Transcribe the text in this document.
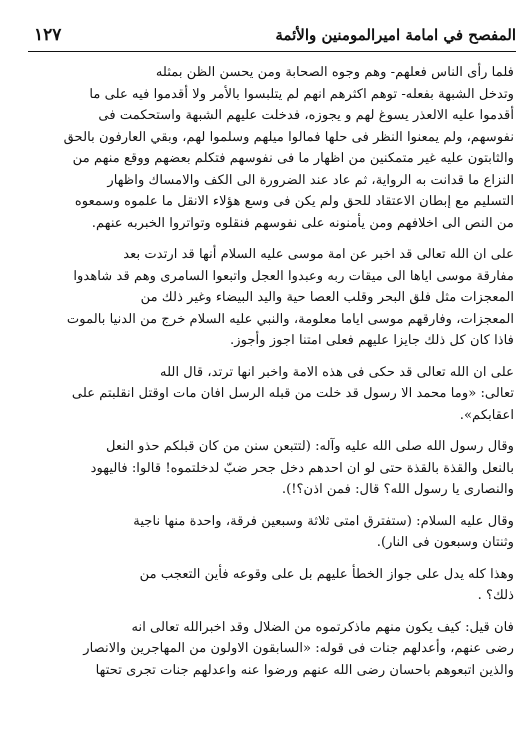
المفصح في امامة اميرالمومنين والأئمة
١٢٧
فلما رأى الناس فعلهم- وهم وجوه الصحابة ومن يحسن الظن بمثله
وتدخل الشبهة بفعله- توهم اكثرهم انهم لم يتلبسوا بالأمر ولا أقدموا فيه على ما
أقدموا عليه الالعذر يسوغ لهم و يجوزه، فدخلت عليهم الشبهة واستحكمت فى
نفوسهم، ولم يمعنوا النظر فى حلها فمالوا ميلهم وسلموا لهم، وبقي العارفون بالحق
والثابتون عليه غير متمكنين من اظهار ما فى نفوسهم فتكلم بعضهم ووقع منهم من
النزاع ما قدانت به الرواية، ثم عاد عند الضرورة الى الكف والامساك واظهار
التسليم مع إبطان الاعتقاد للحق ولم يكن فى وسع هؤلاء الانقل ما علموه وسمعوه
من النص الى اخلافهم ومن يأمنونه على نفوسهم فنقلوه وتواتروا الخبربه عنهم.
على ان الله تعالى قد اخبر عن امة موسى عليه السلام أنها قد ارتدت بعد
مفارقة موسى اياها الى ميقات ربه وعبدوا العجل واتبعوا السامرى وهم قد شاهدوا
المعجزات مثل فلق البحر وقلب العصا حية واليد البيضاء وغير ذلك من
المعجزات، وفارقهم موسى اياما معلومة، والنبي عليه السلام خرج من الدنيا بالموت
فاذا كان كل ذلك جايزا عليهم فعلى امتنا اجوز وأجوز.
على ان الله تعالى قد حكى فى هذه الامة واخبر انها ترتد، قال الله
تعالى: «وما محمد الا رسول قد خلت من قبله الرسل افان مات اوقتل انقلبتم على
اعقابكم».
وقال رسول الله صلى الله عليه وآله: (لتتبعن سنن من كان قبلكم حذو النعل
بالنعل والقذة بالقذة حتى لو ان احدهم دخل جحر ضبّ لدخلتموه! قالوا: فاليهود
والنصارى يا رسول الله؟ قال: فمن اذن؟!).
وقال عليه السلام: (ستفترق امتى ثلاثة وسبعين فرقة، واحدة منها ناجية
وثنتان وسبعون فى النار).
وهذا كله يدل على جواز الخطأ عليهم بل على وقوعه فأين التعجب من
ذلك؟ .
فان قيل: كيف يكون منهم ماذكرتموه من الضلال وقد اخبرالله تعالى انه
رضى عنهم، وأعدلهم جنات فى قوله: «السابقون الاولون من المهاجرين والانصار
والذين اتبعوهم باحسان رضى الله عنهم ورضوا عنه واعدلهم جنات تجرى تحتها
